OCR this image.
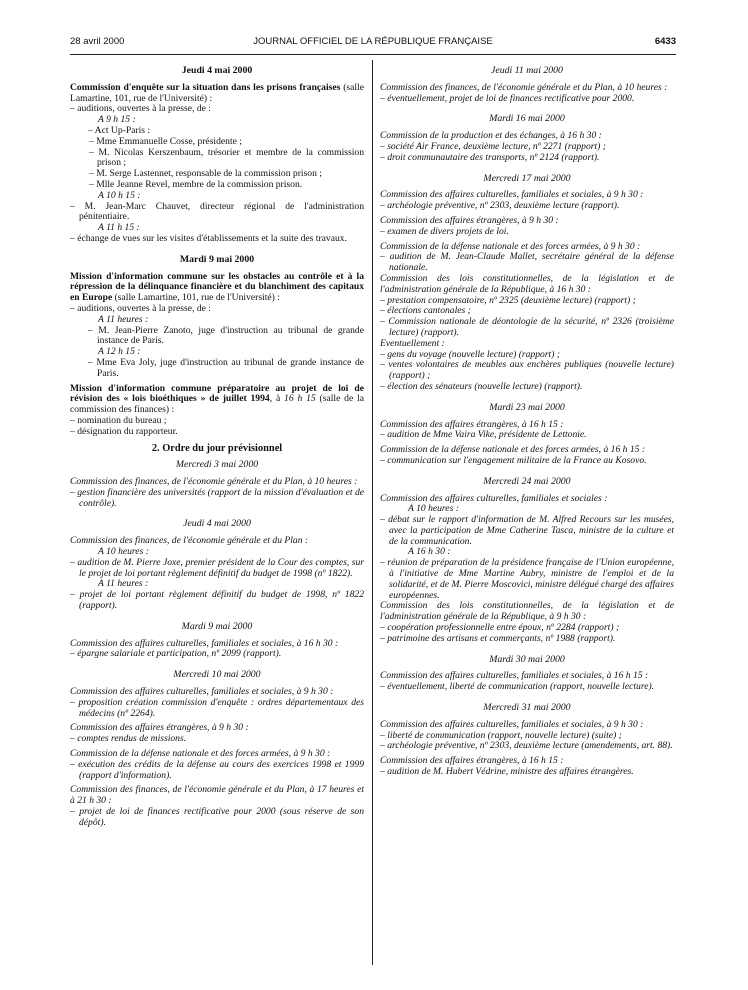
28 avril 2000	JOURNAL OFFICIEL DE LA RÉPUBLIQUE FRANÇAISE	6433
Jeudi 4 mai 2000

Commission d'enquête sur la situation dans les prisons françaises (salle Lamartine, 101, rue de l'Université) :

– auditions, ouvertes à la presse, de :
A 9 h 15 :
– Act Up-Paris :
– Mme Emmanuelle Cosse, présidente ;
– M. Nicolas Kerszenbaum, trésorier et membre de la commission prison ;
– M. Serge Lastennet, responsable de la commission prison ;
– Mlle Jeanne Revel, membre de la commission prison.
A 10 h 15 :
– M. Jean-Marc Chauvet, directeur régional de l'administration pénitentiaire.
A 11 h 15 :
– échange de vues sur les visites d'établissements et la suite des travaux.
Mardi 9 mai 2000

Mission d'information commune sur les obstacles au contrôle et à la répression de la délinquance financière et du blanchiment des capitaux en Europe (salle Lamartine, 101, rue de l'Université) :

– auditions, ouvertes à la presse, de :
A 11 heures :
– M. Jean-Pierre Zanoto, juge d'instruction au tribunal de grande instance de Paris.
A 12 h 15 :
– Mme Eva Joly, juge d'instruction au tribunal de grande instance de Paris.

Mission d'information commune préparatoire au projet de loi de révision des « lois bioéthiques » de juillet 1994, à 16 h 15 (salle de la commission des finances) :

– nomination du bureau ;
– désignation du rapporteur.
2. Ordre du jour prévisionnel
Mercredi 3 mai 2000

Commission des finances, de l'économie générale et du Plan, à 10 heures :

– gestion financière des universités (rapport de la mission d'évaluation et de contrôle).
Jeudi 4 mai 2000

Commission des finances, de l'économie générale et du Plan :

A 10 heures :
– audition de M. Pierre Joxe, premier président de la Cour des comptes, sur le projet de loi portant règlement définitif du budget de 1998 (nº 1822).
A 11 heures :
– projet de loi portant règlement définitif du budget de 1998, nº 1822 (rapport).
Mardi 9 mai 2000

Commission des affaires culturelles, familiales et sociales, à 16 h 30 :

– épargne salariale et participation, nº 2099 (rapport).
Mercredi 10 mai 2000

Commission des affaires culturelles, familiales et sociales, à 9 h 30 :

– proposition création commission d'enquête : ordres départementaux des médecins (nº 2264).

Commission des affaires étrangères, à 9 h 30 :

– comptes rendus de missions.

Commission de la défense nationale et des forces armées, à 9 h 30 :

– exécution des crédits de la défense au cours des exercices 1998 et 1999 (rapport d'information).

Commission des finances, de l'économie générale et du Plan, à 17 heures et à 21 h 30 :

– projet de loi de finances rectificative pour 2000 (sous réserve de son dépôt).
Jeudi 11 mai 2000

Commission des finances, de l'économie générale et du Plan, à 10 heures :

– éventuellement, projet de loi de finances rectificative pour 2000.
Mardi 16 mai 2000

Commission de la production et des échanges, à 16 h 30 :

– société Air France, deuxième lecture, nº 2271 (rapport) ;
– droit communautaire des transports, nº 2124 (rapport).
Mercredi 17 mai 2000

Commission des affaires culturelles, familiales et sociales, à 9 h 30 :

– archéologie préventive, nº 2303, deuxième lecture (rapport).

Commission des affaires étrangères, à 9 h 30 :

– examen de divers projets de loi.

Commission de la défense nationale et des forces armées, à 9 h 30 :

– audition de M. Jean-Claude Mallet, secrétaire général de la défense nationale.

Commission des lois constitutionnelles, de la législation et de l'administration générale de la République, à 16 h 30 :

– prestation compensatoire, nº 2325 (deuxième lecture) (rapport) ;
– élections cantonales ;
– Commission nationale de déontologie de la sécurité, nº 2326 (troisième lecture) (rapport).
Eventuellement :
– gens du voyage (nouvelle lecture) (rapport) ;
– ventes volontaires de meubles aux enchères publiques (nouvelle lecture) (rapport) ;
– élection des sénateurs (nouvelle lecture) (rapport).
Mardi 23 mai 2000

Commission des affaires étrangères, à 16 h 15 :

– audition de Mme Vaira Vike, présidente de Lettonie.

Commission de la défense nationale et des forces armées, à 16 h 15 :

– communication sur l'engagement militaire de la France au Kosovo.
Mercredi 24 mai 2000

Commission des affaires culturelles, familiales et sociales :

A 10 heures :
– débat sur le rapport d'information de M. Alfred Recours sur les musées, avec la participation de Mme Catherine Tasca, ministre de la culture et de la communication.
A 16 h 30 :
– réunion de préparation de la présidence française de l'Union européenne, à l'initiative de Mme Martine Aubry, ministre de l'emploi et de la solidarité, et de M. Pierre Moscovici, ministre délégué chargé des affaires européennes.

Commission des lois constitutionnelles, de la législation et de l'administration générale de la République, à 9 h 30 :

– coopération professionnelle entre époux, nº 2284 (rapport) ;
– patrimoine des artisans et commerçants, nº 1988 (rapport).
Mardi 30 mai 2000

Commission des affaires culturelles, familiales et sociales, à 16 h 15 :

– éventuellement, liberté de communication (rapport, nouvelle lecture).
Mercredi 31 mai 2000

Commission des affaires culturelles, familiales et sociales, à 9 h 30 :

– liberté de communication (rapport, nouvelle lecture) (suite) ;
– archéologie préventive, nº 2303, deuxième lecture (amendements, art. 88).

Commission des affaires étrangères, à 16 h 15 :

– audition de M. Hubert Védrine, ministre des affaires étrangères.
